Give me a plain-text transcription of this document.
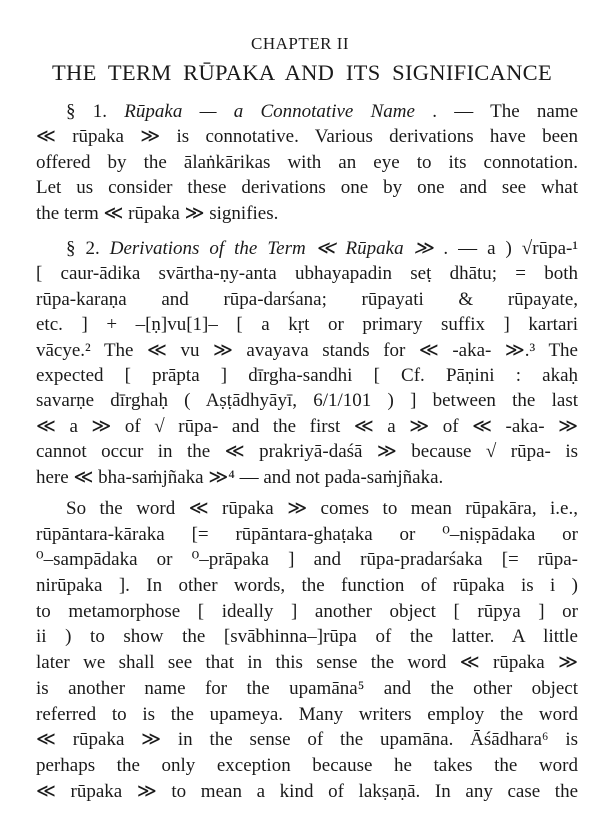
CHAPTER II
THE TERM RŪPAKA AND ITS SIGNIFICANCE
§ 1. Rūpaka — a Connotative Name . — The name
≪ rūpaka ≫ is connotative. Various derivations have been
offered by the ālaṅkārikas with an eye to its connotation.
Let us consider these derivations one by one and see what
the term ≪ rūpaka ≫ signifies.
§ 2. Derivations of the Term ≪ Rūpaka ≫ . — a ) √rūpa-¹
[ caur-ādika svārtha-ṇy-anta ubhayapadin seṭ dhātu; = both
rūpa-karaṇa and rūpa-darśana; rūpayati & rūpayate,
etc. ] + –[ṇ]vu[1]– [ a kṛt or primary suffix ] kartari
vācye.² The ≪ vu ≫ avayava stands for ≪ -aka- ≫.³ The
expected [ prāpta ] dīrgha-sandhi [ Cf. Pāṇini : akaḥ
savarṇe dīrghaḥ ( Aṣṭādhyāyī, 6/1/101 ) ] between the last
≪ a ≫ of √ rūpa- and the first ≪ a ≫ of ≪ -aka- ≫
cannot occur in the ≪ prakriyā-daśā ≫ because √ rūpa- is
here ≪ bha-saṁjñaka ≫⁴ — and not pada-saṁjñaka.
So the word ≪ rūpaka ≫ comes to mean rūpakāra, i.e.,
rūpāntara-kāraka [= rūpāntara-ghaṭaka or ⁰–niṣpādaka or
⁰–sampādaka or ⁰–prāpaka ] and rūpa-pradarśaka [= rūpa-
nirūpaka ]. In other words, the function of rūpaka is i )
to metamorphose [ ideally ] another object [ rūpya ] or
ii ) to show the [svābhinna–]rūpa of the latter. A little
later we shall see that in this sense the word ≪ rūpaka ≫
is another name for the upamāna⁵ and the other object
referred to is the upameya. Many writers employ the word
≪ rūpaka ≫ in the sense of the upamāna. Āśādhara⁶ is
perhaps the only exception because he takes the word
≪ rūpaka ≫ to mean a kind of lakṣaṇā. In any case the
